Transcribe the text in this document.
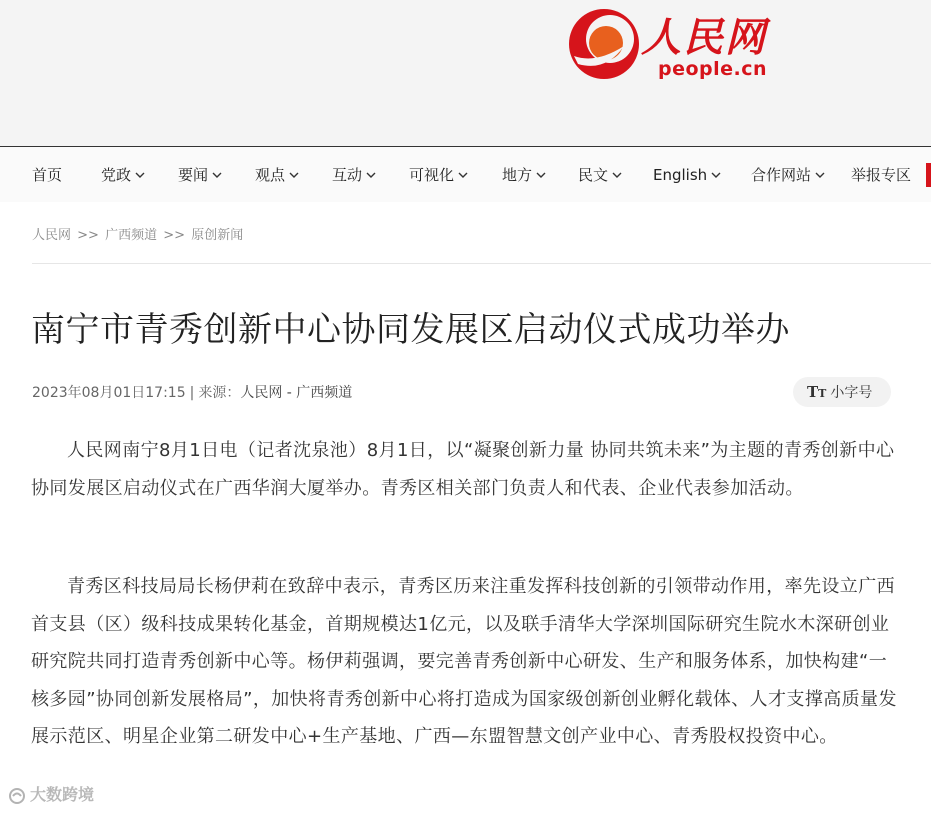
人民网
people.cn
首页	党政	要闻	观点	互动	可视化	地方	民文	English	合作网站	举报专区
人民网 >> 广西频道 >> 原创新闻
南宁市青秀创新中心协同发展区启动仪式成功举办
2023年08月01日17:15 | 来源：人民网 - 广西频道	TT 小字号

人民网南宁8月1日电（记者沈泉池）8月1日，以“凝聚创新力量 协同共筑未来”为主题的青秀创新中心协同发展区启动仪式在广西华润大厦举办。青秀区相关部门负责人和代表、企业代表参加活动。

青秀区科技局局长杨伊莉在致辞中表示，青秀区历来注重发挥科技创新的引领带动作用，率先设立广西首支县（区）级科技成果转化基金，首期规模达1亿元，以及联手清华大学深圳国际研究生院水木深研创业研究院共同打造青秀创新中心等。杨伊莉强调，要完善青秀创新中心研发、生产和服务体系，加快构建“一核多园”协同创新发展格局”，加快将青秀创新中心将打造成为国家级创新创业孵化载体、人才支撑高质量发展示范区、明星企业第二研发中心+生产基地、广西—东盟智慧文创产业中心、青秀股权投资中心。

大数跨境
